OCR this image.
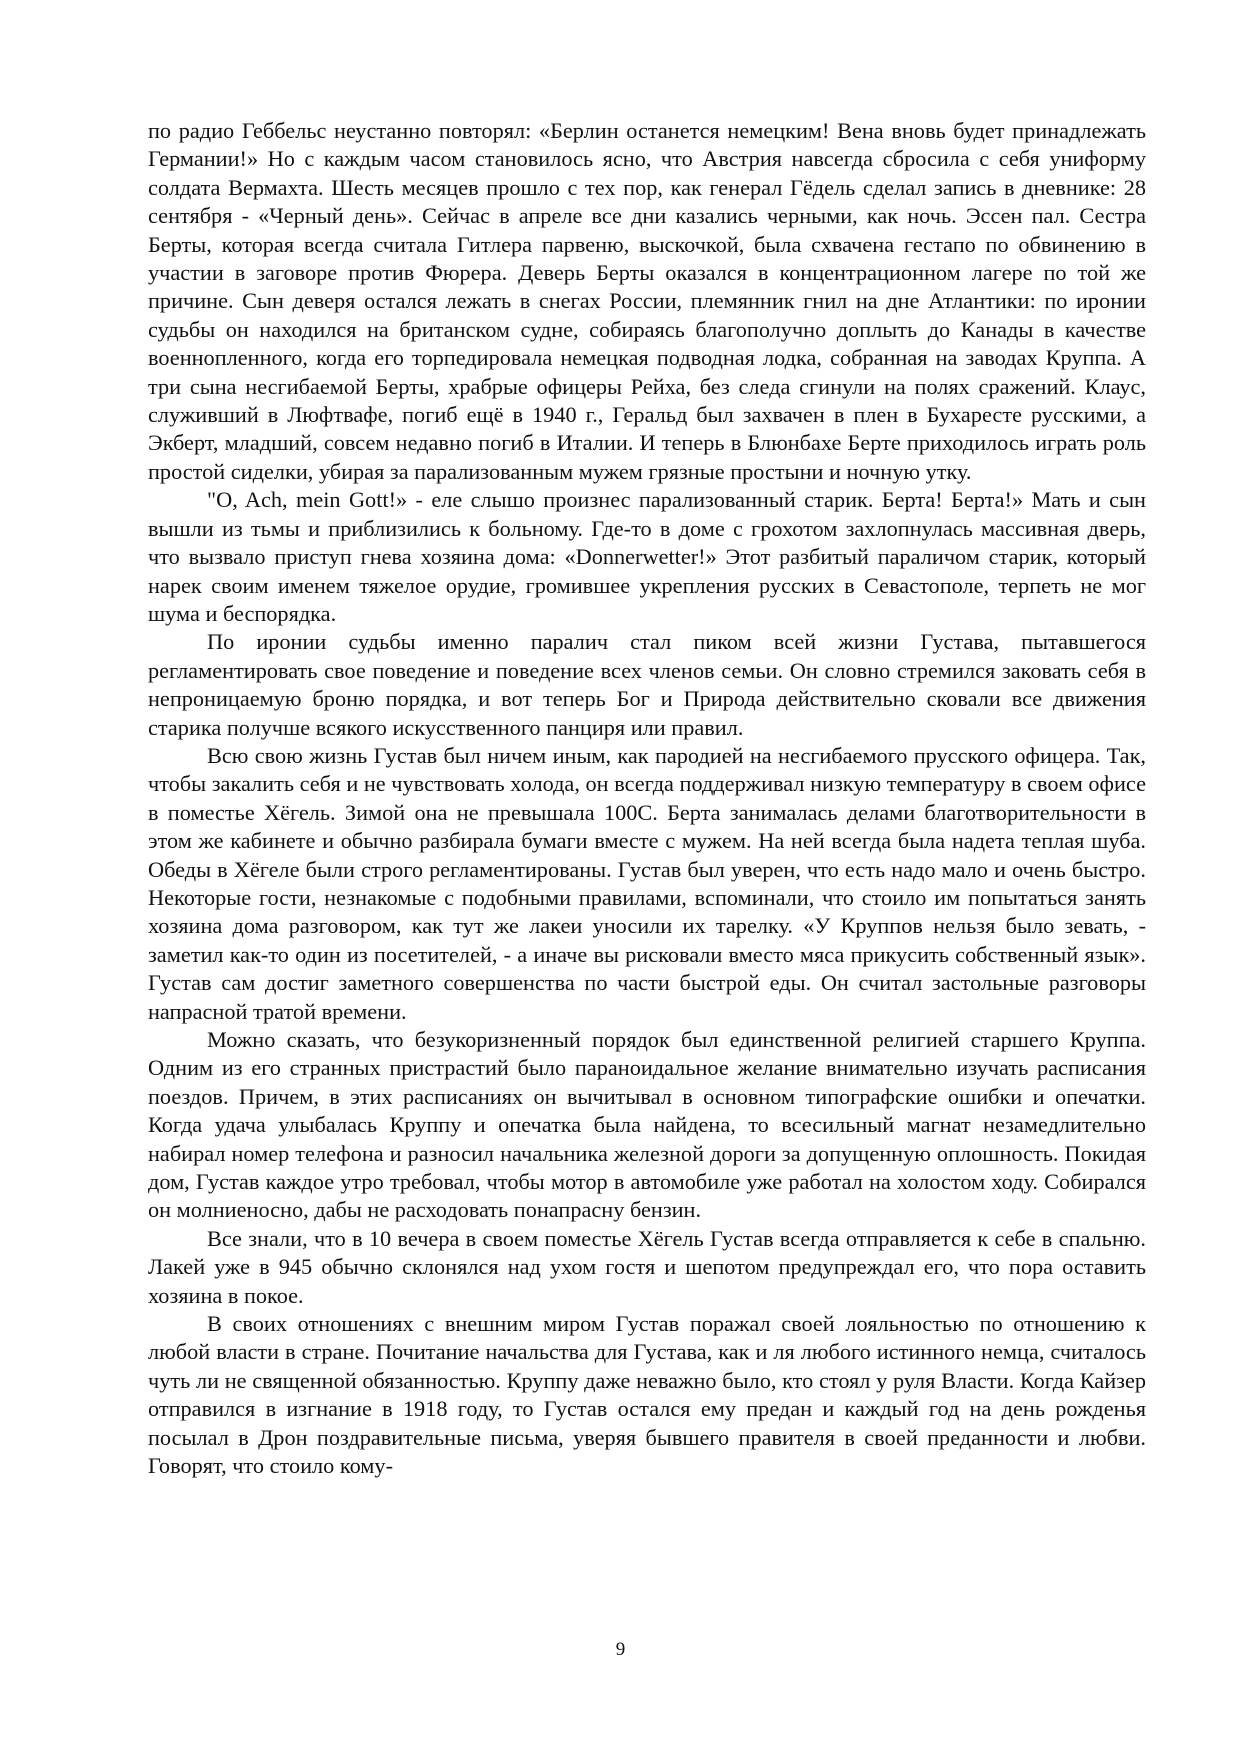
по радио Геббельс неустанно повторял: «Берлин останется немецким! Вена вновь будет принадлежать Германии!» Но с каждым часом становилось ясно, что Австрия навсегда сбросила с себя униформу солдата Вермахта. Шесть месяцев прошло с тех пор, как генерал Гёдель сделал запись в дневнике: 28 сентября - «Черный день». Сейчас в апреле все дни казались черными, как ночь. Эссен пал. Сестра Берты, которая всегда считала Гитлера парвеню, выскочкой, была схвачена гестапо по обвинению в участии в заговоре против Фюрера. Деверь Берты оказался в концентрационном лагере по той же причине. Сын деверя остался лежать в снегах России, племянник гнил на дне Атлантики: по иронии судьбы он находился на британском судне, собираясь благополучно доплыть до Канады в качестве военнопленного, когда его торпедировала немецкая подводная лодка, собранная на заводах Круппа. А три сына несгибаемой Берты, храбрые офицеры Рейха, без следа сгинули на полях сражений. Клаус, служивший в Люфтвафе, погиб ещё в 1940 г., Геральд был захвачен в плен в Бухаресте русскими, а Экберт, младший, совсем недавно погиб в Италии. И теперь в Блюнбахе Берте приходилось играть роль простой сиделки, убирая за парализованным мужем грязные простыни и ночную утку.

"O, Ach, mein Gott!» - еле слышо произнес парализованный старик. Берта! Берта!» Мать и сын вышли из тьмы и приблизились к больному. Где-то в доме с грохотом захлопнулась массивная дверь, что вызвало приступ гнева хозяина дома: «Donnerwetter!» Этот разбитый параличом старик, который нарек своим именем тяжелое орудие, громившее укрепления русских в Севастополе, терпеть не мог шума и беспорядка.

По иронии судьбы именно паралич стал пиком всей жизни Густава, пытавшегося регламентировать свое поведение и поведение всех членов семьи. Он словно стремился заковать себя в непроницаемую броню порядка, и вот теперь Бог и Природа действительно сковали все движения старика получше всякого искусственного панциря или правил.

Всю свою жизнь Густав был ничем иным, как пародией на несгибаемого прусского офицера. Так, чтобы закалить себя и не чувствовать холода, он всегда поддерживал низкую температуру в своем офисе в поместье Хёгель. Зимой она не превышала 100С. Берта занималась делами благотворительности в этом же кабинете и обычно разбирала бумаги вместе с мужем. На ней всегда была надета теплая шуба. Обеды в Хёгеле были строго регламентированы. Густав был уверен, что есть надо мало и очень быстро. Некоторые гости, незнакомые с подобными правилами, вспоминали, что стоило им попытаться занять хозяина дома разговором, как тут же лакеи уносили их тарелку. «У Круппов нельзя было зевать, - заметил как-то один из посетителей, - а иначе вы рисковали вместо мяса прикусить собственный язык». Густав сам достиг заметного совершенства по части быстрой еды. Он считал застольные разговоры напрасной тратой времени.

Можно сказать, что безукоризненный порядок был единственной религией старшего Круппа. Одним из его странных пристрастий было параноидальное желание внимательно изучать расписания поездов. Причем, в этих расписаниях он вычитывал в основном типографские ошибки и опечатки. Когда удача улыбалась Круппу и опечатка была найдена, то всесильный магнат незамедлительно набирал номер телефона и разносил начальника железной дороги за допущенную оплошность. Покидая дом, Густав каждое утро требовал, чтобы мотор в автомобиле уже работал на холостом ходу. Собирался он молниеносно, дабы не расходовать понапрасну бензин.

Все знали, что в 10 вечера в своем поместье Хёгель Густав всегда отправляется к себе в спальню. Лакей уже в 945 обычно склонялся над ухом гостя и шепотом предупреждал его, что пора оставить хозяина в покое.

В своих отношениях с внешним миром Густав поражал своей лояльностью по отношению к любой власти в стране. Почитание начальства для Густава, как и ля любого истинного немца, считалось чуть ли не священной обязанностью. Круппу даже неважно было, кто стоял у руля Власти. Когда Кайзер отправился в изгнание в 1918 году, то Густав остался ему предан и каждый год на день рожденья посылал в Дрон поздравительные письма, уверяя бывшего правителя в своей преданности и любви. Говорят, что стоило кому-

9
